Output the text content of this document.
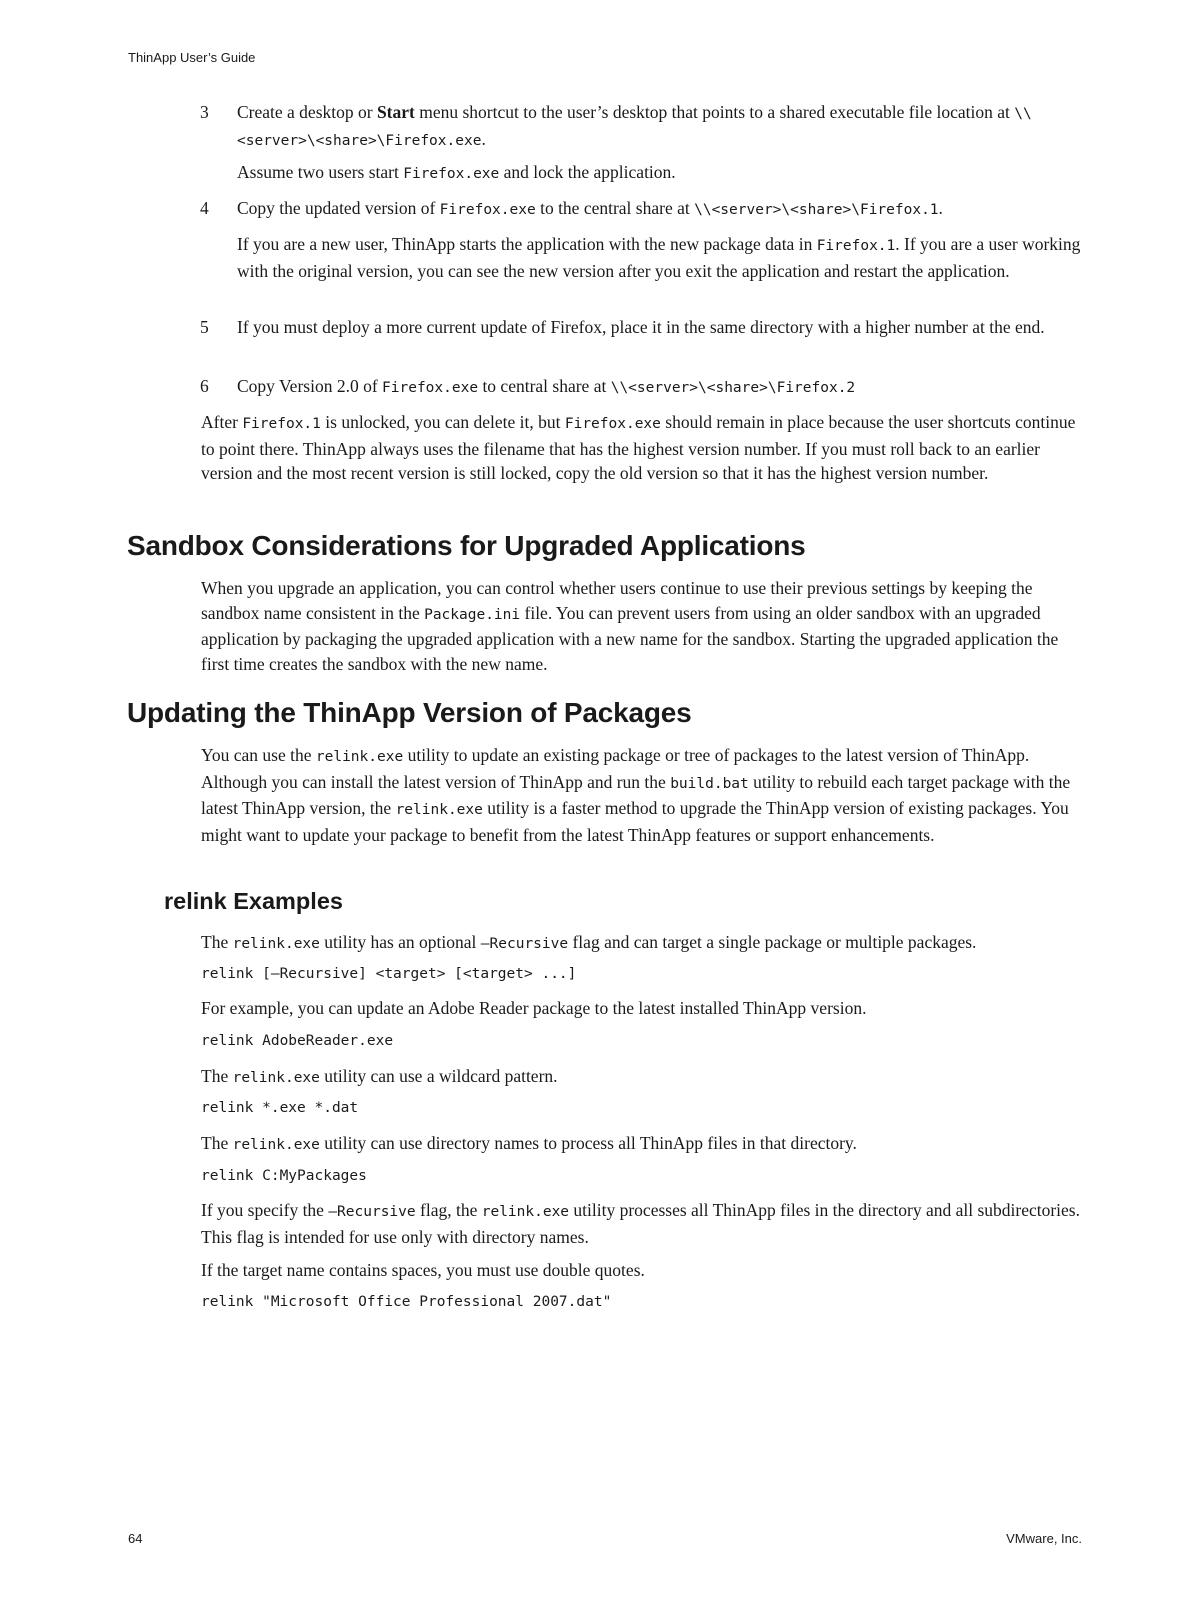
ThinApp User’s Guide
3	Create a desktop or Start menu shortcut to the user’s desktop that points to a shared executable file location at \\<server>\<share>\Firefox.exe.
Assume two users start Firefox.exe and lock the application.
4	Copy the updated version of Firefox.exe to the central share at \\<server>\<share>\Firefox.1.
If you are a new user, ThinApp starts the application with the new package data in Firefox.1. If you are a user working with the original version, you can see the new version after you exit the application and restart the application.
5	If you must deploy a more current update of Firefox, place it in the same directory with a higher number at the end.
6	Copy Version 2.0 of Firefox.exe to central share at \\<server>\<share>\Firefox.2
After Firefox.1 is unlocked, you can delete it, but Firefox.exe should remain in place because the user shortcuts continue to point there. ThinApp always uses the filename that has the highest version number. If you must roll back to an earlier version and the most recent version is still locked, copy the old version so that it has the highest version number.
Sandbox Considerations for Upgraded Applications
When you upgrade an application, you can control whether users continue to use their previous settings by keeping the sandbox name consistent in the Package.ini file. You can prevent users from using an older sandbox with an upgraded application by packaging the upgraded application with a new name for the sandbox. Starting the upgraded application the first time creates the sandbox with the new name.
Updating the ThinApp Version of Packages
You can use the relink.exe utility to update an existing package or tree of packages to the latest version of ThinApp. Although you can install the latest version of ThinApp and run the build.bat utility to rebuild each target package with the latest ThinApp version, the relink.exe utility is a faster method to upgrade the ThinApp version of existing packages. You might want to update your package to benefit from the latest ThinApp features or support enhancements.
relink Examples
The relink.exe utility has an optional –Recursive flag and can target a single package or multiple packages.
relink [–Recursive] <target> [<target> ...]
For example, you can update an Adobe Reader package to the latest installed ThinApp version.
relink AdobeReader.exe
The relink.exe utility can use a wildcard pattern.
relink *.exe *.dat
The relink.exe utility can use directory names to process all ThinApp files in that directory.
relink C:MyPackages
If you specify the –Recursive flag, the relink.exe utility processes all ThinApp files in the directory and all subdirectories. This flag is intended for use only with directory names.
If the target name contains spaces, you must use double quotes.
relink "Microsoft Office Professional 2007.dat"
64	VMware, Inc.
